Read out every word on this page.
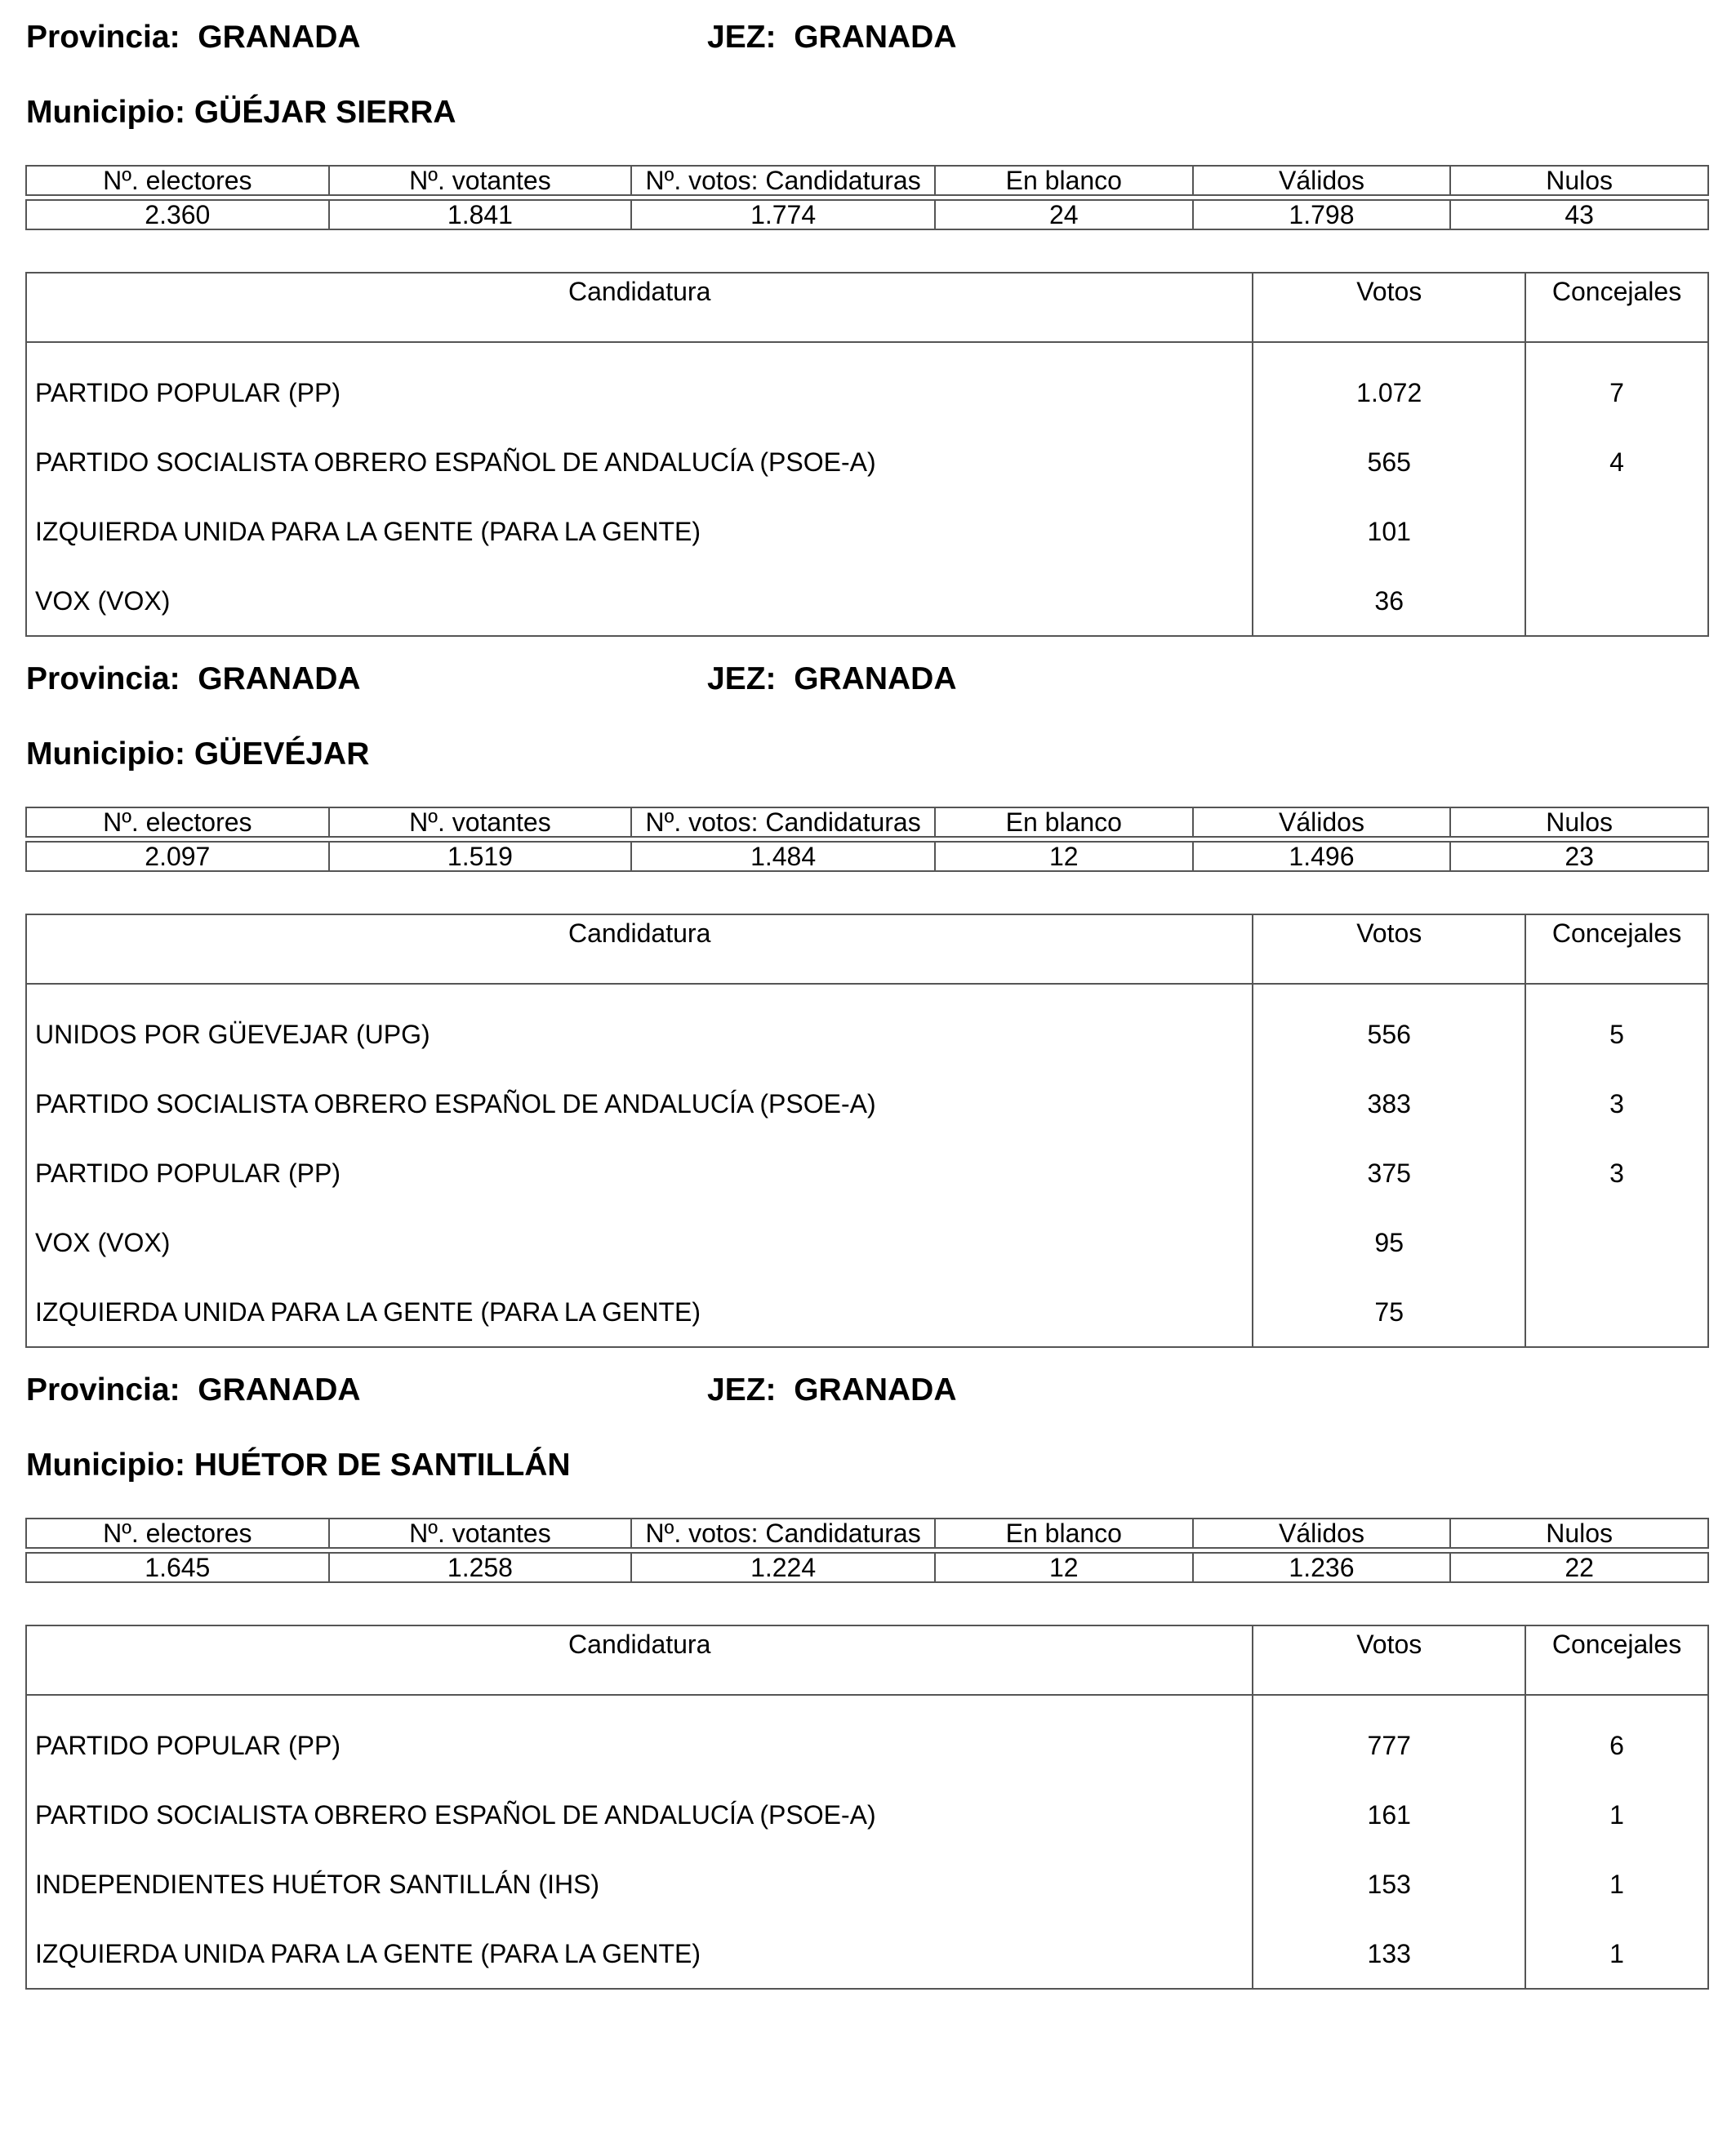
Provincia: GRANADA	JEZ: GRANADA
Municipio: GÜÉJAR SIERRA
Nº. electores	Nº. votantes	Nº. votos: Candidaturas	En blanco	Válidos	Nulos

2.360	1.841	1.774	24	1.798	43
Candidatura	Votos	Concejales
PARTIDO POPULAR (PP)	1.072	7
PARTIDO SOCIALISTA OBRERO ESPAÑOL DE ANDALUCÍA (PSOE-A)	565	4
IZQUIERDA UNIDA PARA LA GENTE (PARA LA GENTE)	101	
VOX (VOX)	36	
Provincia: GRANADA	JEZ: GRANADA
Municipio: GÜEVÉJAR
Nº. electores	Nº. votantes	Nº. votos: Candidaturas	En blanco	Válidos	Nulos

2.097	1.519	1.484	12	1.496	23
Candidatura	Votos	Concejales
UNIDOS POR GÜEVEJAR (UPG)	556	5
PARTIDO SOCIALISTA OBRERO ESPAÑOL DE ANDALUCÍA (PSOE-A)	383	3
PARTIDO POPULAR (PP)	375	3
VOX (VOX)	95	
IZQUIERDA UNIDA PARA LA GENTE (PARA LA GENTE)	75	
Provincia: GRANADA	JEZ: GRANADA
Municipio: HUÉTOR DE SANTILLÁN
Nº. electores	Nº. votantes	Nº. votos: Candidaturas	En blanco	Válidos	Nulos

1.645	1.258	1.224	12	1.236	22
Candidatura	Votos	Concejales
PARTIDO POPULAR (PP)	777	6
PARTIDO SOCIALISTA OBRERO ESPAÑOL DE ANDALUCÍA (PSOE-A)	161	1
INDEPENDIENTES HUÉTOR SANTILLÁN (IHS)	153	1
IZQUIERDA UNIDA PARA LA GENTE (PARA LA GENTE)	133	1
